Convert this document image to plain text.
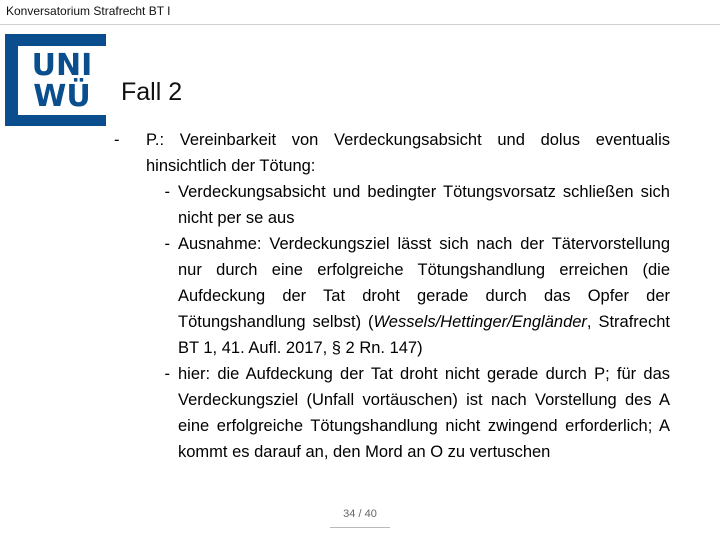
Konversatorium Strafrecht BT I
UNI
WÜ Fall 2
-	P.: Vereinbarkeit von Verdeckungsabsicht und dolus eventualis hinsichtlich der Tötung:
- Verdeckungsabsicht und bedingter Tötungsvorsatz schließen sich nicht per se aus
- Ausnahme: Verdeckungsziel lässt sich nach der Tätervorstellung nur durch eine erfolgreiche Tötungshandlung erreichen (die Aufdeckung der Tat droht gerade durch das Opfer der Tötungshandlung selbst) (Wessels/Hettinger/Engländer, Strafrecht BT 1, 41. Aufl. 2017, § 2 Rn. 147)
- hier: die Aufdeckung der Tat droht nicht gerade durch P; für das Verdeckungsziel (Unfall vortäuschen) ist nach Vorstellung des A eine erfolgreiche Tötungshandlung nicht zwingend erforderlich; A kommt es darauf an, den Mord an O zu vertuschen
34 / 40
